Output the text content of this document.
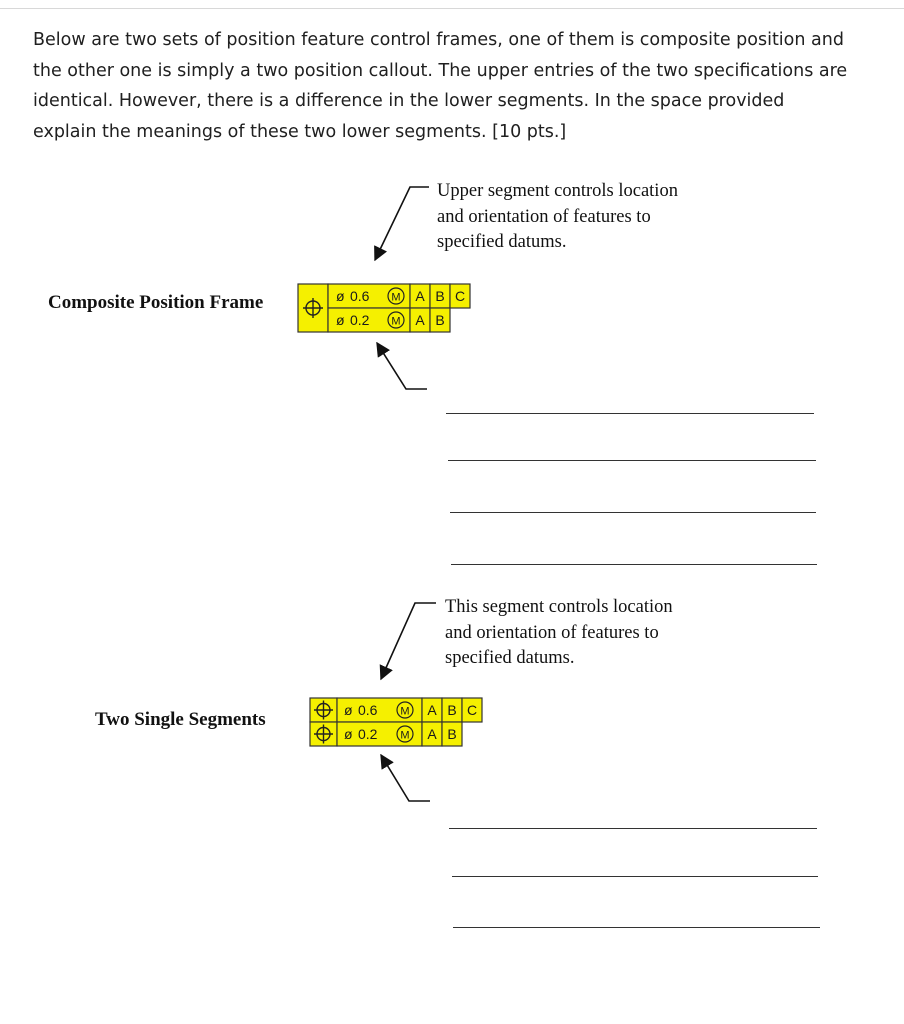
Below are two sets of position feature control frames, one of them is composite position and
the other one is simply a two position callout. The upper entries of the two specifications are
identical. However, there is a difference in the lower segments. In the space provided
explain the meanings of these two lower segments. [10 pts.]
Upper segment controls location
and orientation of features to
specified datums.
Composite Position Frame
This segment controls location
and orientation of features to
specified datums.
Two Single Segments
ø 0.6 M A B C
ø 0.2 M A B
ø 0.6 M A B C
ø 0.2 M A B
